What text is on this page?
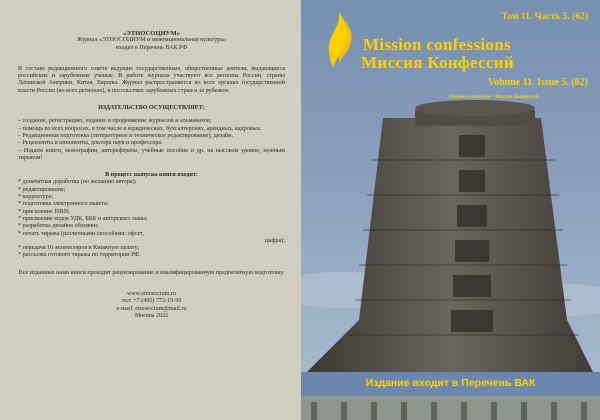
«ЭТНОСОЦИУМ»
Журнал «ЭТНОСОЦИУМ и межнациональная культура»
входит в Перечень ВАК РФ
В составе редакционного совета ведущие государственные, общественные деятели, выдающиеся российские и зарубежные ученые. В работе журнала участвуют все регионы России, страны Латинской Америки, Китая, Европы. Журнал распространяется во всех органах государственной власти России (во всех регионах), в посольствах зарубежных стран и за рубежом.
ИЗДАТЕЛЬСТВО ОСУЩЕСТВЛЯЕТ:
– создание, регистрацию, издание и продвижение журналов и альманахов;
– помощь во всех вопросах, в том числе в юридических, бухгалтерских, арендных, кадровых.
– Редакционная подготовка (литературное и техническое редактирование), дизайн.
– Рецензенты и оппоненты, доктора наук и профессора.
– Издаем книги, монографии, авторефераты, учебные пособия и др. на высоком уровне, нужным тиражом!
В процесс выпуска книги входит:
* доначатная доработка (по желанию автора);
* редактирование;
* корректура;
* подготовка электронного макета;
* присвоение ISBN;
* присвоение кодов УДК, ББК и авторского знака;
* разработка дизайна обложки;
* печать тиража (различными способами: офсет,
цифра);
* передача 16 экземпляров в Книжную палату;
* рассылка готового тиража по территории РФ.
Все изданные нами книги проходят рецензирование и квалифицированную предпечатную подготовку.
www.etnosocium.ru
тел: +7 (495) 772-19-99
e-mail: etnosocium@mail.ru
Москва 2022
Том 11. Часть 5. (62)
Mission confessions
Миссия Конфессий
Volume 11. Issue 5. (62)
Mission confessions / Миссия Конфессий
Издание входит в Перечень ВАК
